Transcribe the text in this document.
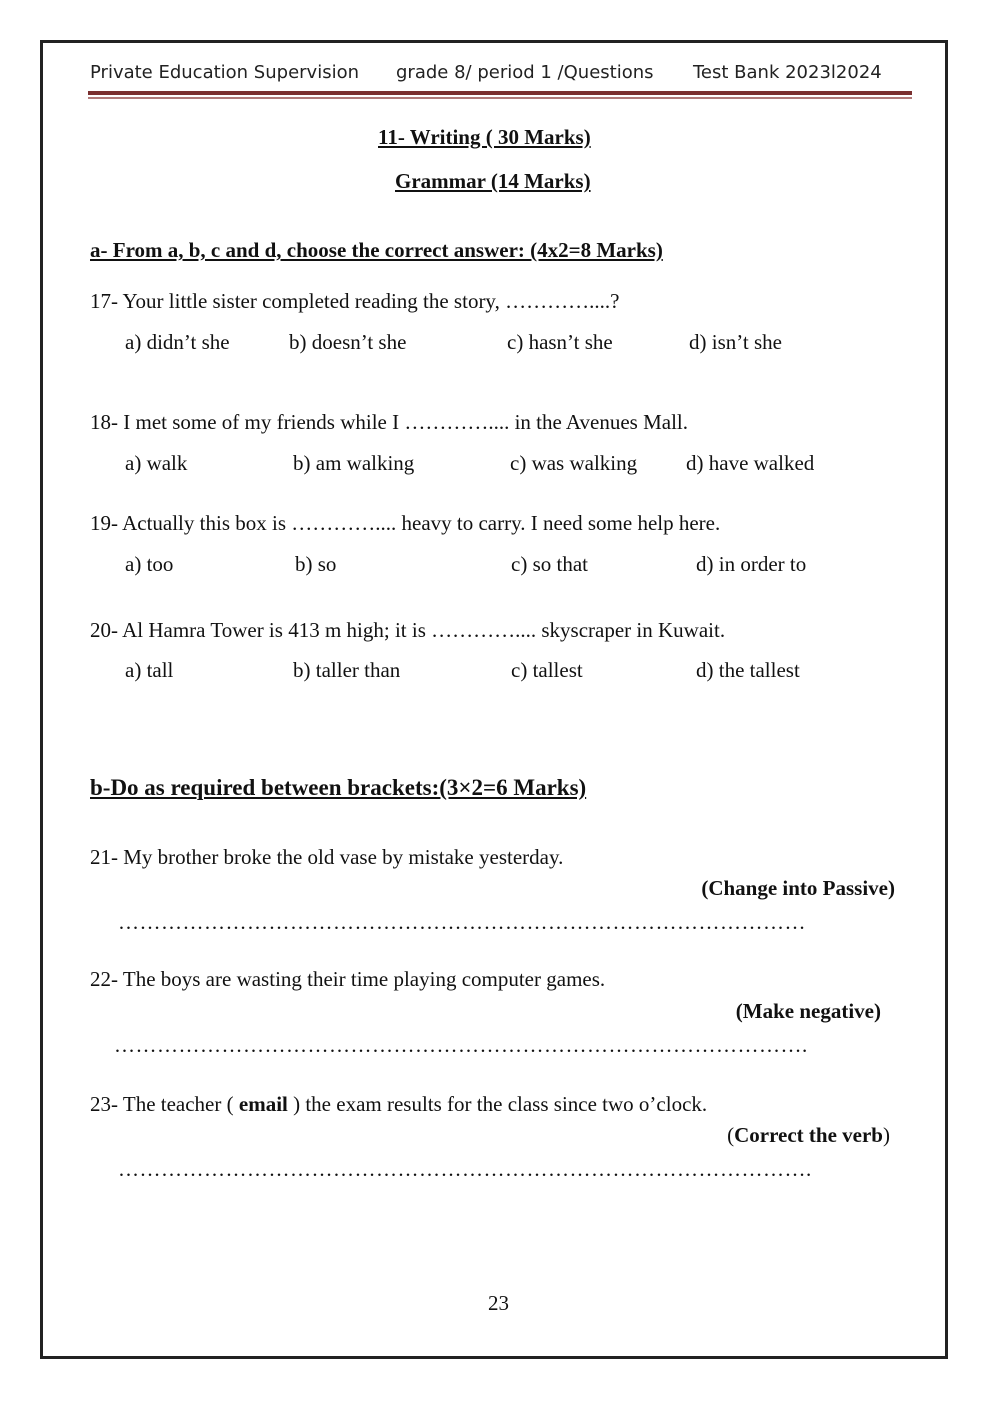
Private Education Supervision grade 8/ period 1 /Questions Test Bank 2023l2024
11- Writing ( 30 Marks)
Grammar (14 Marks)
a- From a, b, c and d, choose the correct answer: (4x2=8 Marks)
17- Your little sister completed reading the story, …………....?
a) didn’t she	b) doesn’t she	c) hasn’t she	d) isn’t she
18- I met some of my friends while I ………….... in the Avenues Mall.
a) walk	b) am walking	c) was walking d) have walked
19- Actually this box is ………….... heavy to carry. I need some help here.
a) too	b) so	c) so that	d) in order to
20- Al Hamra Tower is 413 m high; it is ………….... skyscraper in Kuwait.
a) tall	b) taller than	c) tallest	d) the tallest
b-Do as required between brackets:(3×2=6 Marks)
21- My brother broke the old vase by mistake yesterday.
(Change into Passive)
……………………………………………………………………………………
22- The boys are wasting their time playing computer games.
(Make negative)
…………………………………………………………………………………….
23- The teacher ( email ) the exam results for the class since two o’clock.
(Correct the verb)
…………………………………………………………………………………….
23
